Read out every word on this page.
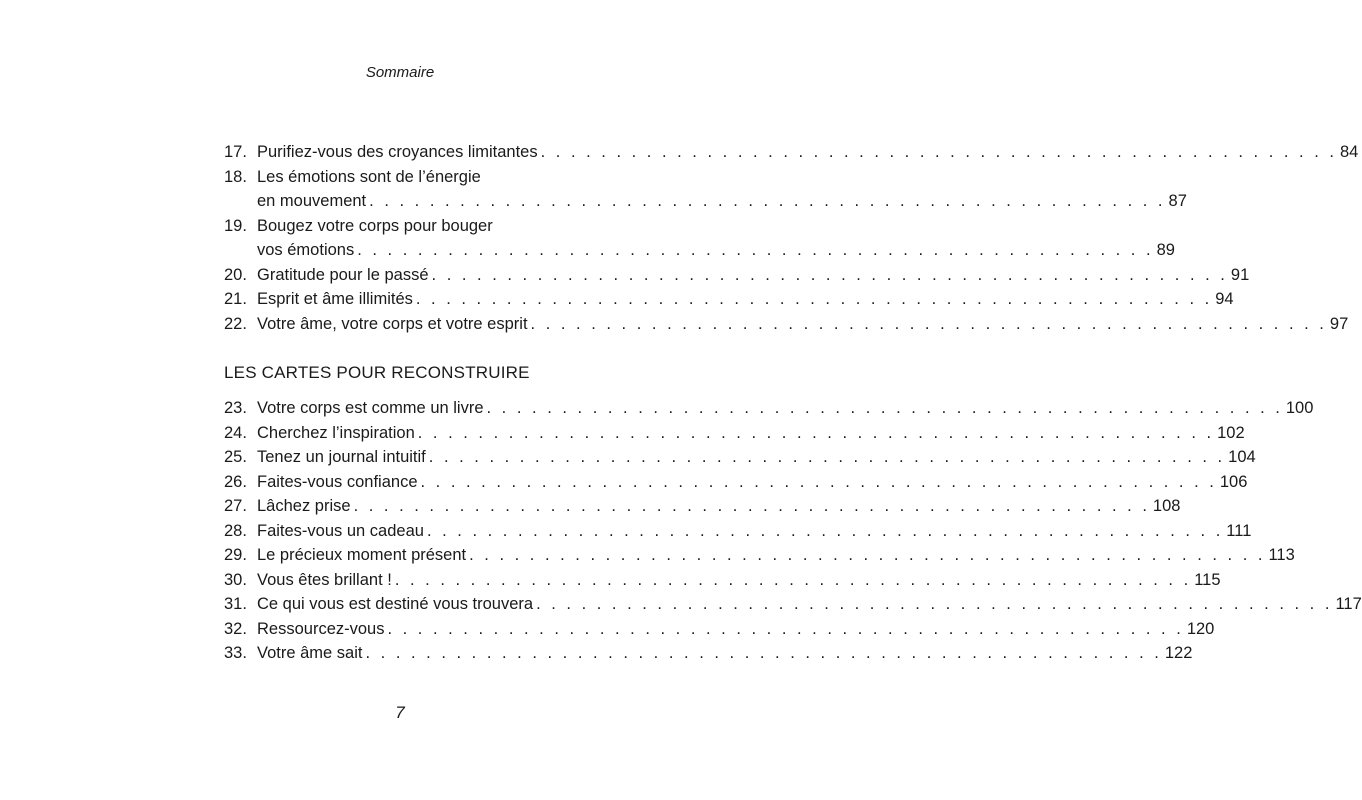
Sommaire
17. Purifiez-vous des croyances limitantes . . . . . . . . . . . . . . . . . . . . . . . . . . . . . . . . . . . . . . . . . . . . . . . . . . . . . 84
18. Les émotions sont de l’énergie
en mouvement . . . . . . . . . . . . . . . . . . . . . . . . . . . . . . . . . . . . . . . . . . . . . . . . . . . . . 87
19. Bougez votre corps pour bouger
vos émotions . . . . . . . . . . . . . . . . . . . . . . . . . . . . . . . . . . . . . . . . . . . . . . . . . . . . . 89
20. Gratitude pour le passé . . . . . . . . . . . . . . . . . . . . . . . . . . . . . . . . . . . . . . . . . . . . . . . . . . . . . 91
21. Esprit et âme illimités . . . . . . . . . . . . . . . . . . . . . . . . . . . . . . . . . . . . . . . . . . . . . . . . . . . . . 94
22. Votre âme, votre corps et votre esprit . . . . . . . . . . . . . . . . . . . . . . . . . . . . . . . . . . . . . . . . . . . . . . . . . . . . . 97
LES CARTES POUR RECONSTRUIRE
23. Votre corps est comme un livre . . . . . . . . . . . . . . . . . . . . . . . . . . . . . . . . . . . . . . . . . . . . . . . . . . . . . 100
24. Cherchez l’inspiration . . . . . . . . . . . . . . . . . . . . . . . . . . . . . . . . . . . . . . . . . . . . . . . . . . . . . 102
25. Tenez un journal intuitif . . . . . . . . . . . . . . . . . . . . . . . . . . . . . . . . . . . . . . . . . . . . . . . . . . . . . 104
26. Faites-vous confiance . . . . . . . . . . . . . . . . . . . . . . . . . . . . . . . . . . . . . . . . . . . . . . . . . . . . . 106
27. Lâchez prise . . . . . . . . . . . . . . . . . . . . . . . . . . . . . . . . . . . . . . . . . . . . . . . . . . . . . 108
28. Faites-vous un cadeau . . . . . . . . . . . . . . . . . . . . . . . . . . . . . . . . . . . . . . . . . . . . . . . . . . . . . 111
29. Le précieux moment présent . . . . . . . . . . . . . . . . . . . . . . . . . . . . . . . . . . . . . . . . . . . . . . . . . . . . . 113
30. Vous êtes brillant ! . . . . . . . . . . . . . . . . . . . . . . . . . . . . . . . . . . . . . . . . . . . . . . . . . . . . . 115
31. Ce qui vous est destiné vous trouvera . . . . . . . . . . . . . . . . . . . . . . . . . . . . . . . . . . . . . . . . . . . . . . . . . . . . . 117
32. Ressourcez-vous . . . . . . . . . . . . . . . . . . . . . . . . . . . . . . . . . . . . . . . . . . . . . . . . . . . . . 120
33. Votre âme sait . . . . . . . . . . . . . . . . . . . . . . . . . . . . . . . . . . . . . . . . . . . . . . . . . . . . . 122
7
